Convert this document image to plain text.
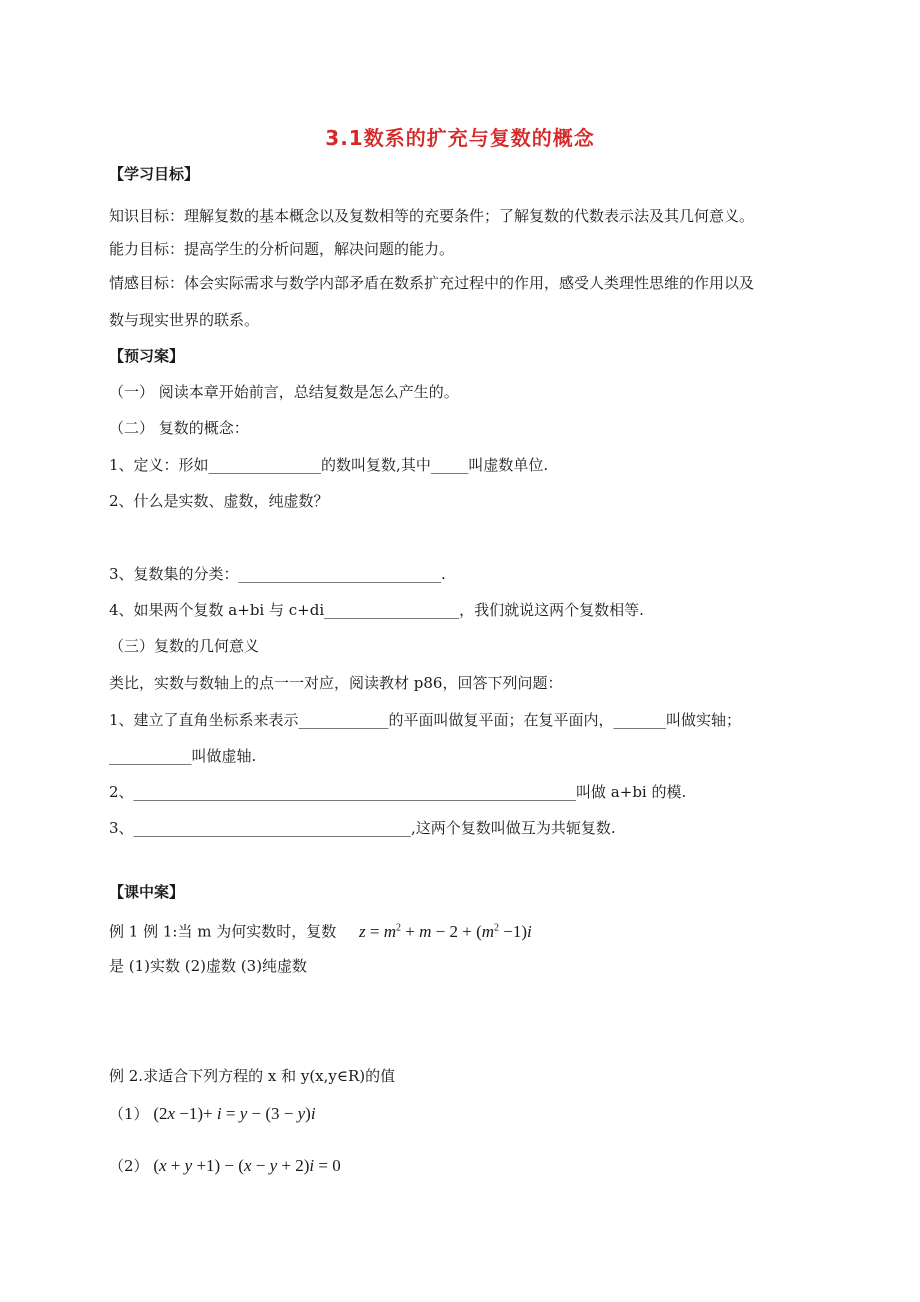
3.1数系的扩充与复数的概念
【学习目标】
知识目标：理解复数的基本概念以及复数相等的充要条件；了解复数的代数表示法及其几何意义。
能力目标：提高学生的分析问题，解决问题的能力。
情感目标：体会实际需求与数学内部矛盾在数系扩充过程中的作用，感受人类理性思维的作用以及
数与现实世界的联系。
【预习案】
（一） 阅读本章开始前言，总结复数是怎么产生的。
（二） 复数的概念：
1、定义：形如_______________的数叫复数,其中_____叫虚数单位.
2、什么是实数、虚数，纯虚数？
3、复数集的分类：___________________________.
4、如果两个复数 a+bi 与 c+di__________________，我们就说这两个复数相等.
（三）复数的几何意义
类比，实数与数轴上的点一一对应，阅读教材 p86，回答下列问题：
1、建立了直角坐标系来表示____________的平面叫做复平面；在复平面内，_______叫做实轴；
___________叫做虚轴.
2、___________________________________________________________叫做 a+bi 的模.
3、_____________________________________,这两个复数叫做互为共轭复数.
【课中案】
例 1 例 1:当 m 为何实数时，复数 $z = m^2 + m - 2 + (m^2 -1)i$
是 (1)实数 (2)虚数 (3)纯虚数
例 2.求适合下列方程的 x 和 y(x,y∈R)的值
（1） (2x −1)+ i = y − (3 − y)i
（2） (x + y +1) − (x − y + 2)i = 0
